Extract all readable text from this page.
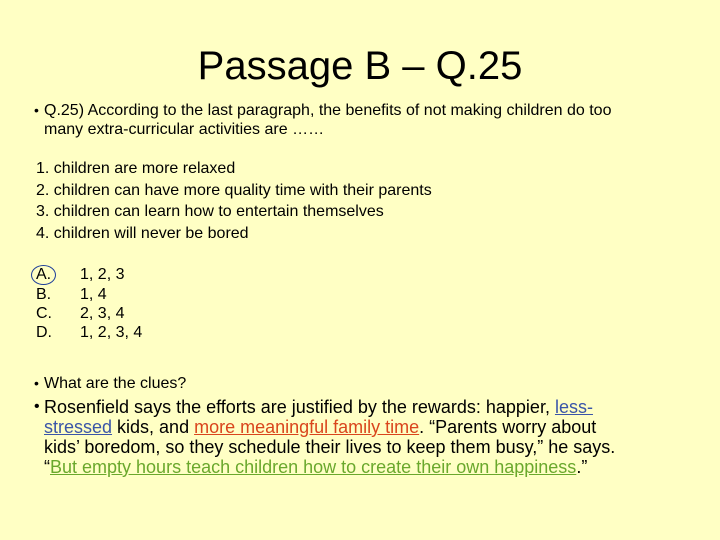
Passage B – Q.25
• Q.25) According to the last paragraph, the benefits of not making children do too many extra-curricular activities are ……
1. children are more relaxed
2. children can have more quality time with their parents
3. children can learn how to entertain themselves
4. children will never be bored
A.	1, 2, 3
B.	1, 4
C.	2, 3, 4
D.	1, 2, 3, 4
• What are the clues?
• Rosenfield says the efforts are justified by the rewards: happier, less-stressed kids, and more meaningful family time. “Parents worry about kids’ boredom, so they schedule their lives to keep them busy,” he says. “But empty hours teach children how to create their own happiness.”
